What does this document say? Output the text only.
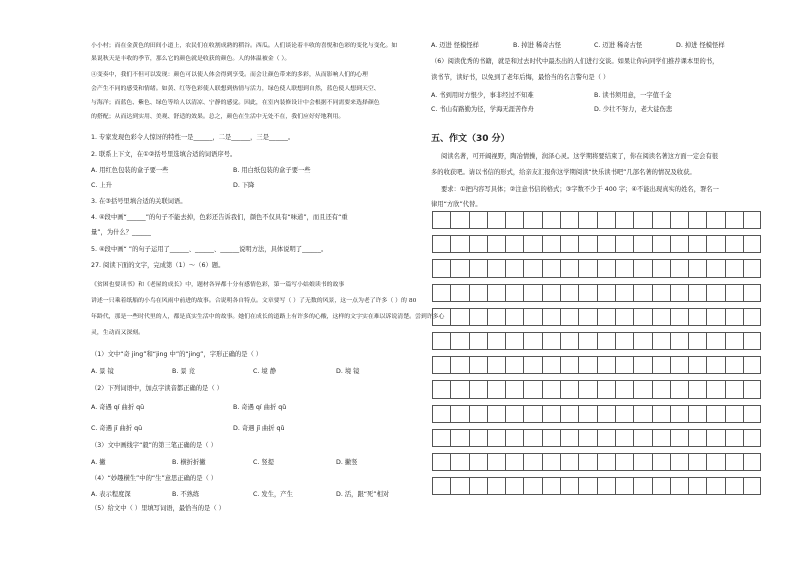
小小村；而在金黄色的田间小道上，农民们在收割成熟的稻谷。西瓜。人们谈论着丰收的喜悦和色彩的变化与变化。如
果说秋天是丰收的季节，那么它的颜色就是收获的颜色。人的体温被金（ ）。
④变奏中，我们不但可以发现：颜色可以使人体会得到享受。而会让颜色带来的多彩，从而影响人们的心理
会产生不同的感受和情绪。如黄、红等色彩使人联想到热情与活力，绿色使人联想到自然，蓝色使人想到天空、
与海洋；而蓝色、紫色、绿色等给人以清凉、宁静的感觉。因此，在室内装修设计中会根据不同需要来选择颜色
的搭配；从而达到实用、美观、舒适的效果。总之，颜色在生活中无处不在，我们应好好地利用。
1. 专家发现色彩令人惊讶的特性一是______，二是______，三是______。
2. 联系上下文，在①②括号里选填合适的词语序号。
A. 用红色包装的盒子要一些	B. 用白纸包装的盒子要一些
C. 上升	D. 下降
3. 在③括号里填合适的关联词语。
4. ④段中画“______”的句子不能去掉，色彩还告诉我们，颜色不仅具有“味道”，而且还有“重
量”，为什么？______
5. ④段中画“ ”的句子运用了______、______、______说明方法，具体说明了______。
27. 阅读下面的文字，完成第（1）～（6）题。
《贫困也要读书》和《老屋的成长》中，题材各异都十分有感情色彩，第一篇写小姑娘读书的故事
讲述一只乘着纸船的小鸟在风雨中前进的故事。合说明各自特点。文章要写（ ）了无数的风景，这一点为老了许多（ ）的 80
年龄代，那是一些时代里的人，都是真实生活中的故事。她们在成长的道路上有许多的心酸，这样的文字实在难以诉说清楚。尝到许多心
灵，生动而又深刻。
（1）文中“奇 jing”和“jing 中”的“jing”，字形正确的是（ ）
A. 景 镜	B. 景 竞	C. 境 静	D. 境 镜
（2）下列词语中，加点字读音都正确的是（ ）
A. 奇遇 qí 曲折 qū	B. 奇遇 qí 曲折 qǔ
C. 奇遇 jī 曲折 qū	D. 奇遇 jī 曲折 qǔ
（3）文中画线字“毅”的第三笔正确的是（ ）
A. 撇	B. 横折折撇	C. 竖提	D. 撇竖
（4）“妙趣横生”中的“生”意思正确的是（ ）
A. 表示程度深	B. 不熟练	C. 发生，产生	D. 活，跟“死”相对
（5）给文中（ ）里填写词语，最恰当的是（ ）
A. 迈进 怪模怪样	B. 掉进 稀奇古怪	C. 迈进 稀奇古怪	D. 掉进 怪模怪样
（6）阅读优秀的书籍，就是和过去时代中最杰出的人们进行交谈。如果让你向同学们推荐课本里的书，
读书节，读好书，以免到了老年后悔，最恰当的名言警句是（ ）
A. 书到用时方恨少，事非经过不知难	B. 读书须用意，一字值千金
C. 书山有路勤为径，学海无涯苦作舟	D. 少壮不努力，老大徒伤悲
五、作文（30 分）
阅读名著，可开阔视野，陶冶情操，润泽心灵。这学期将要结束了，你在阅读名著这方面一定会有很
多的收获吧。请以书信的形式，给亲友汇报你这学期阅读“快乐读书吧”几部名著的情况及收获。
要求：①把内容写具体；②注意书信的格式；③字数不少于 400 字；④不能出现真实的姓名，署名一
律用“方欣”代替。
